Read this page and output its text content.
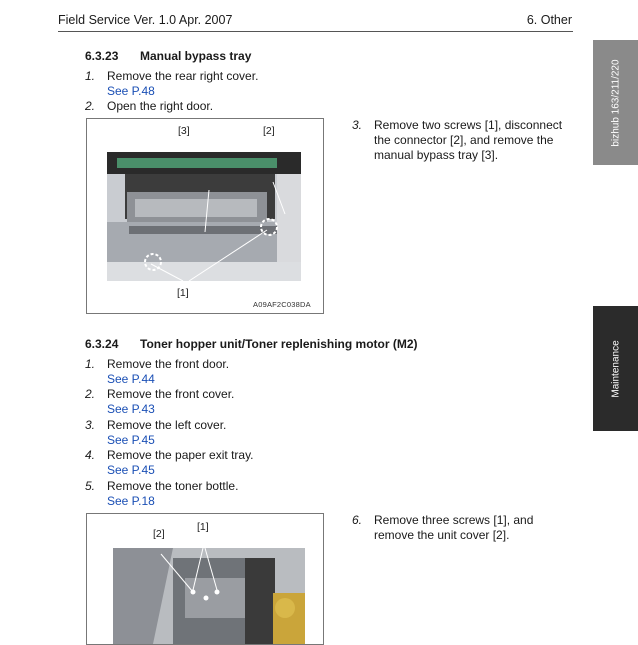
Field Service Ver. 1.0 Apr. 2007	6. Other
bizhub 163/211/220
Maintenance
6.3.23 Manual bypass tray
1. Remove the rear right cover.
See P.48
2. Open the right door.
3. Remove two screws [1], disconnect
the connector [2], and remove the
manual bypass tray [3].
[3]	[2]
[1]
A09AF2C038DA
6.3.24 Toner hopper unit/Toner replenishing motor (M2)
1. Remove the front door.
See P.44
2. Remove the front cover.
See P.43
3. Remove the left cover.
See P.45
4. Remove the paper exit tray.
See P.45
5. Remove the toner bottle.
See P.18
6. Remove three screws [1], and
remove the unit cover [2].
[1]
[2]
